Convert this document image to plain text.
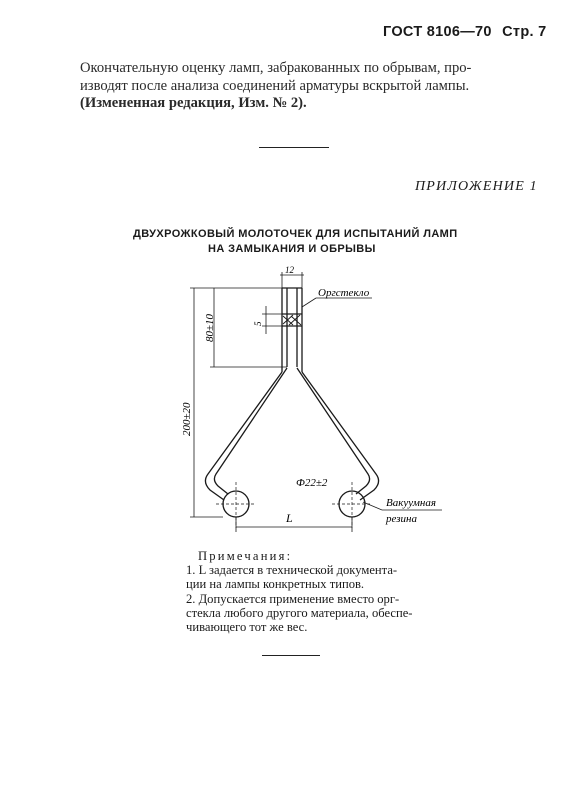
ГОСТ 8106—70 Стр. 7
Окончательную оценку ламп, забракованных по обрывам, про-
изводят после анализа соединений арматуры вскрытой лампы.
(Измененная редакция, Изм. № 2).
ПРИЛОЖЕНИЕ 1
ДВУХРОЖКОВЫЙ МОЛОТОЧЕК ДЛЯ ИСПЫТАНИЙ ЛАМП
НА ЗАМЫКАНИЯ И ОБРЫВЫ
12
5
80±10
200±20
Ф22±2
L
Оргстекло
Вакуумная
резина
Примечания:
1. L задается в технической документа-
ции на лампы конкретных типов.
2. Допускается применение вместо орг-
стекла любого другого материала, обеспе-
чивающего тот же вес.
